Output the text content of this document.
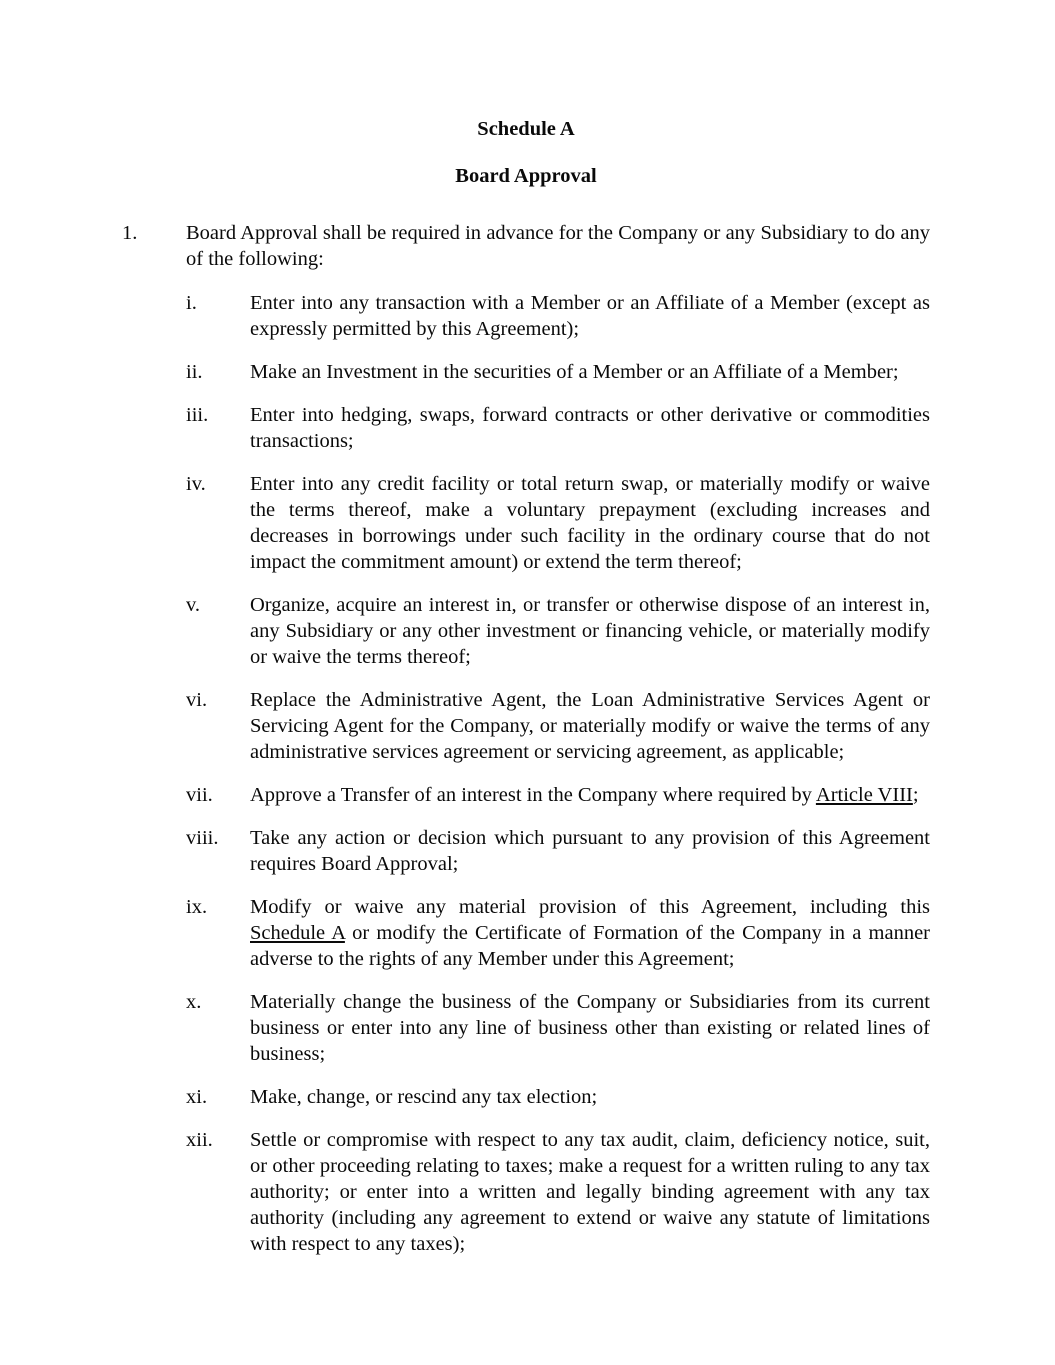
Schedule A
Board Approval
1. Board Approval shall be required in advance for the Company or any Subsidiary to do any of the following:
i.	Enter into any transaction with a Member or an Affiliate of a Member (except as expressly permitted by this Agreement);
ii. Make an Investment in the securities of a Member or an Affiliate of a Member;
iii. Enter into hedging, swaps, forward contracts or other derivative or commodities transactions;
iv. Enter into any credit facility or total return swap, or materially modify or waive the terms thereof, make a voluntary prepayment (excluding increases and decreases in borrowings under such facility in the ordinary course that do not impact the commitment amount) or extend the term thereof;
v. Organize, acquire an interest in, or transfer or otherwise dispose of an interest in, any Subsidiary or any other investment or financing vehicle, or materially modify or waive the terms thereof;
vi. Replace the Administrative Agent, the Loan Administrative Services Agent or Servicing Agent for the Company, or materially modify or waive the terms of any administrative services agreement or servicing agreement, as applicable;
vii. Approve a Transfer of an interest in the Company where required by Article VIII;
viii. Take any action or decision which pursuant to any provision of this Agreement requires Board Approval;
ix. Modify or waive any material provision of this Agreement, including this Schedule A or modify the Certificate of Formation of the Company in a manner adverse to the rights of any Member under this Agreement;
x. Materially change the business of the Company or Subsidiaries from its current business or enter into any line of business other than existing or related lines of business;
xi. Make, change, or rescind any tax election;
xii. Settle or compromise with respect to any tax audit, claim, deficiency notice, suit, or other proceeding relating to taxes; make a request for a written ruling to any tax authority; or enter into a written and legally binding agreement with any tax authority (including any agreement to extend or waive any statute of limitations with respect to any taxes);
